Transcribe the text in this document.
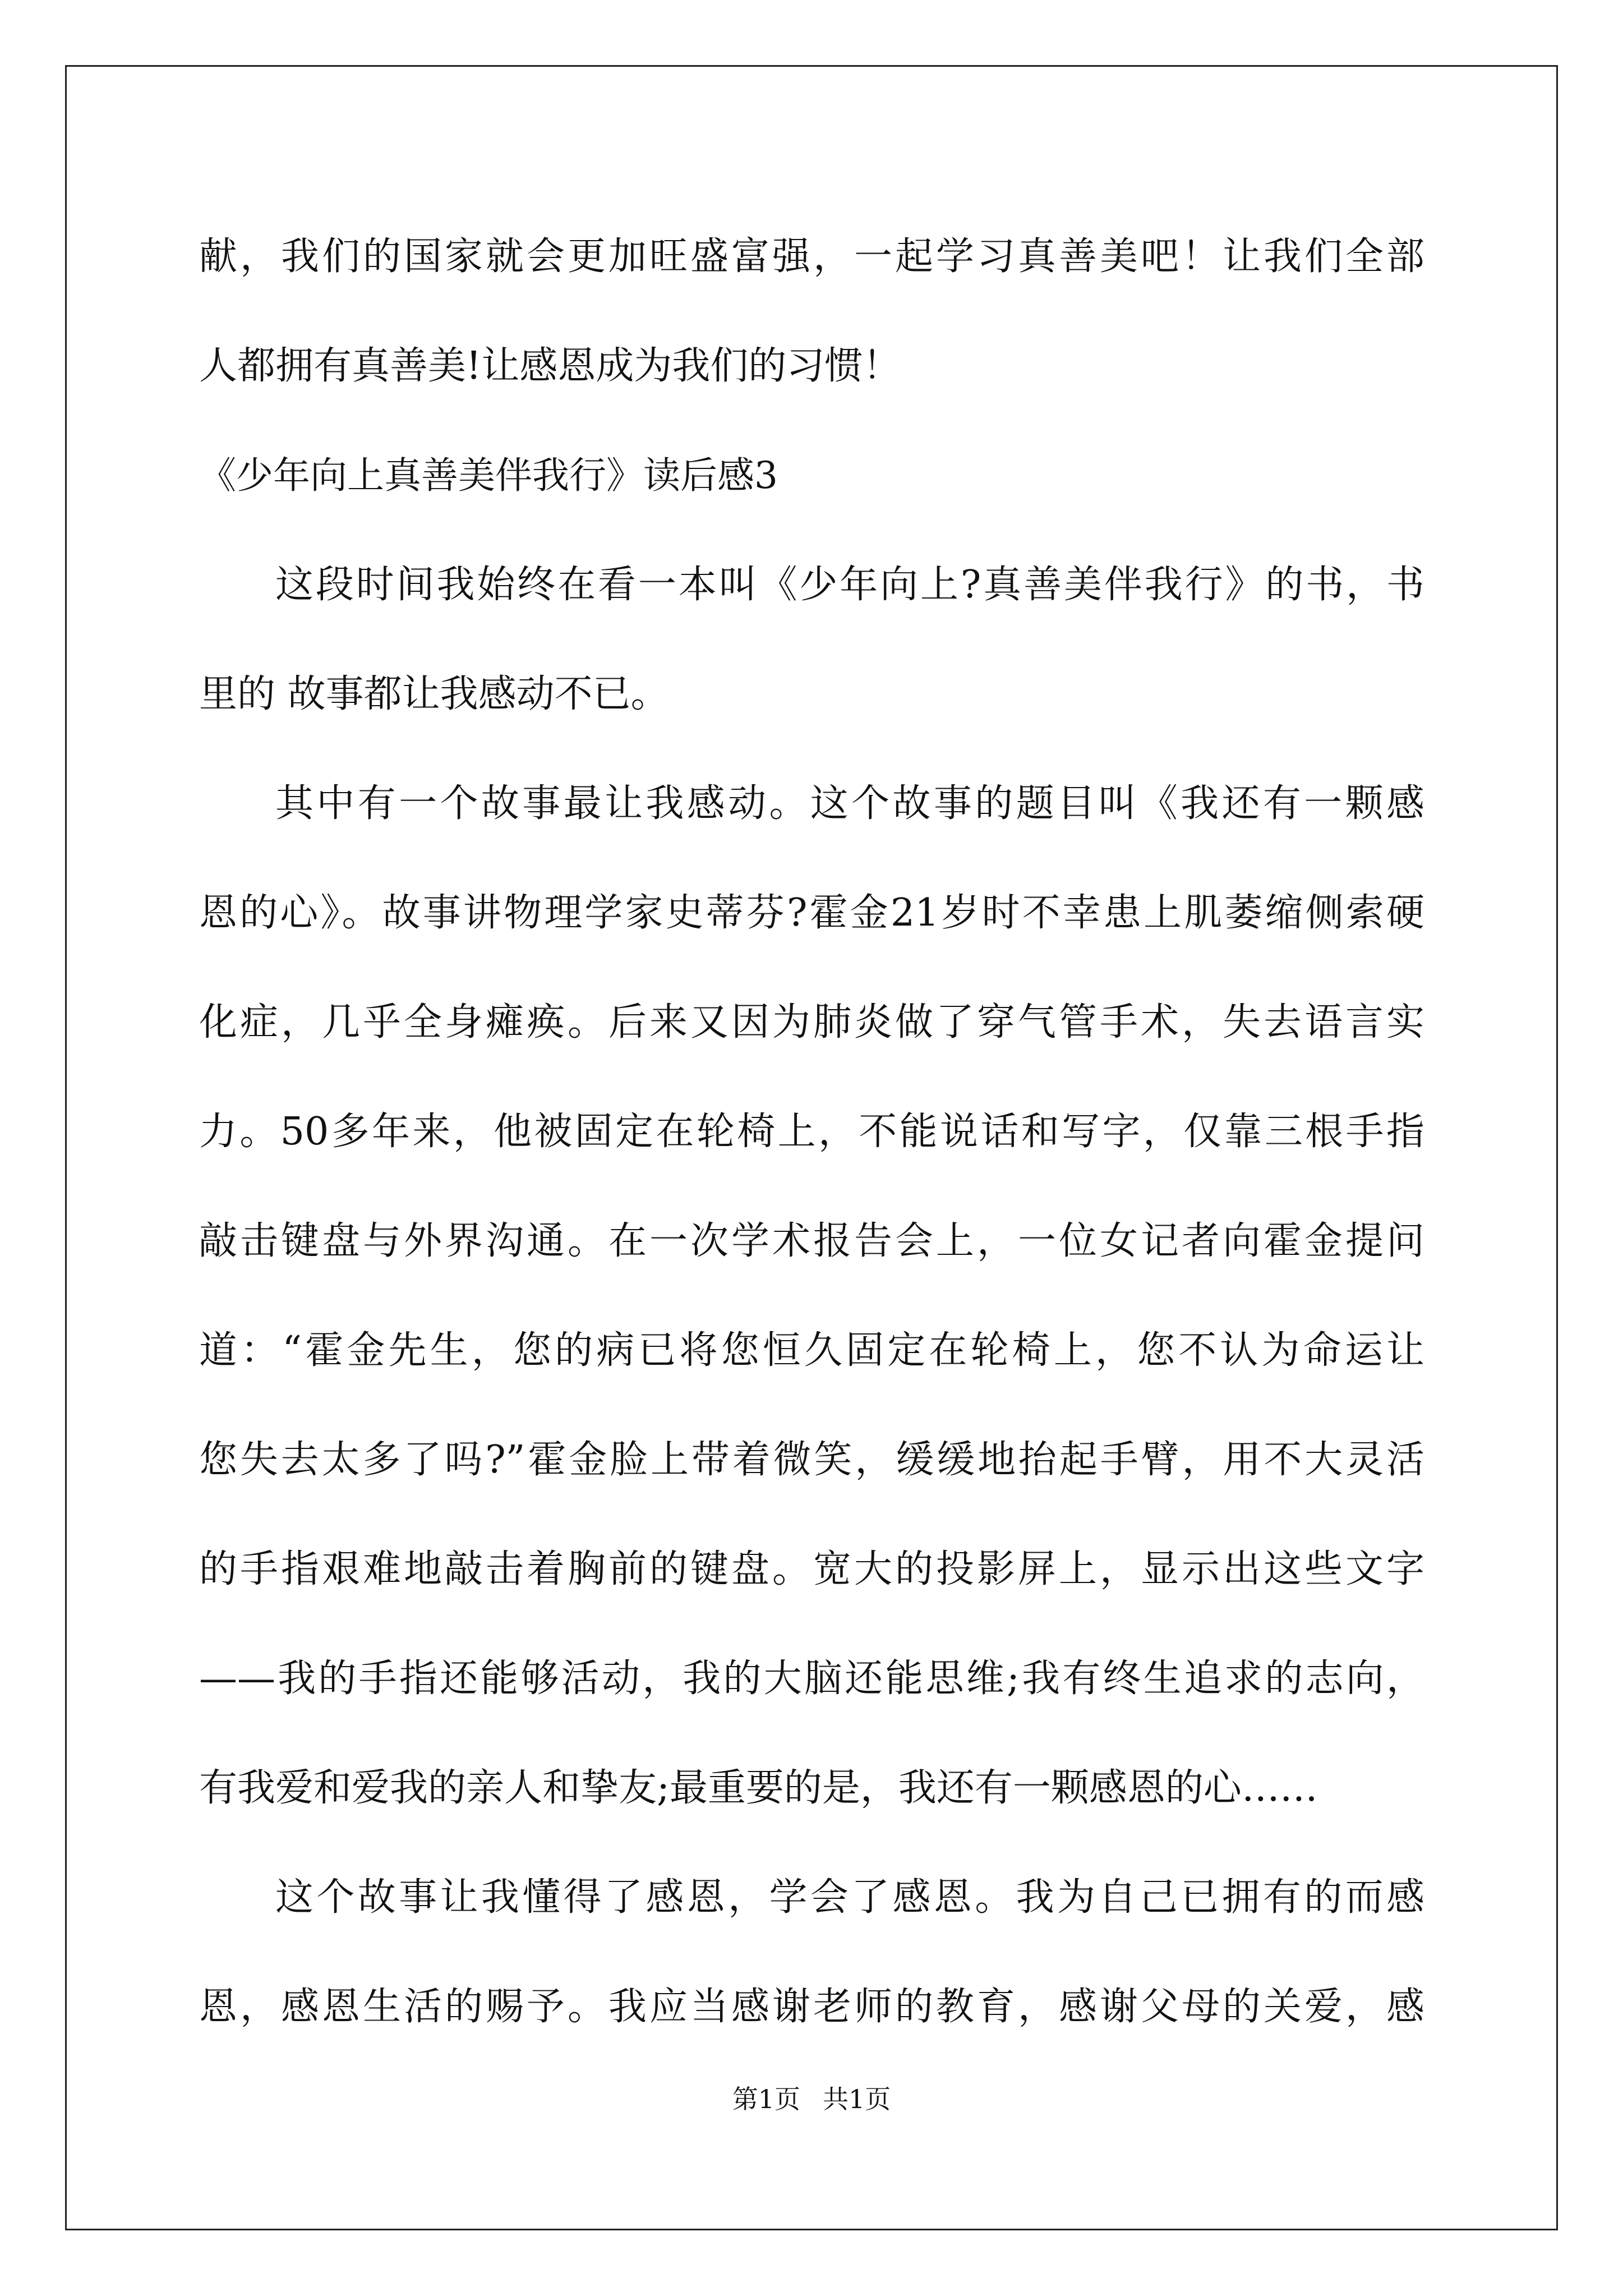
献，我们的国家就会更加旺盛富强，一起学习真善美吧！让我们全部
人都拥有真善美!让感恩成为我们的习惯！
《少年向上真善美伴我行》读后感3
这段时间我始终在看一本叫《少年向上?真善美伴我行》的书，书
里的 故事都让我感动不已。
其中有一个故事最让我感动。这个故事的题目叫《我还有一颗感
恩的心》。故事讲物理学家史蒂芬?霍金21岁时不幸患上肌萎缩侧索硬
化症，几乎全身瘫痪。后来又因为肺炎做了穿气管手术，失去语言实
力。50多年来，他被固定在轮椅上，不能说话和写字，仅靠三根手指
敲击键盘与外界沟通。在一次学术报告会上，一位女记者向霍金提问
道：“霍金先生，您的病已将您恒久固定在轮椅上，您不认为命运让
您失去太多了吗?”霍金脸上带着微笑，缓缓地抬起手臂，用不大灵活
的手指艰难地敲击着胸前的键盘。宽大的投影屏上，显示出这些文字
——我的手指还能够活动，我的大脑还能思维;我有终生追求的志向，
有我爱和爱我的亲人和挚友;最重要的是，我还有一颗感恩的心……
这个故事让我懂得了感恩，学会了感恩。我为自己已拥有的而感
恩，感恩生活的赐予。我应当感谢老师的教育，感谢父母的关爱，感
第1页 共1页
